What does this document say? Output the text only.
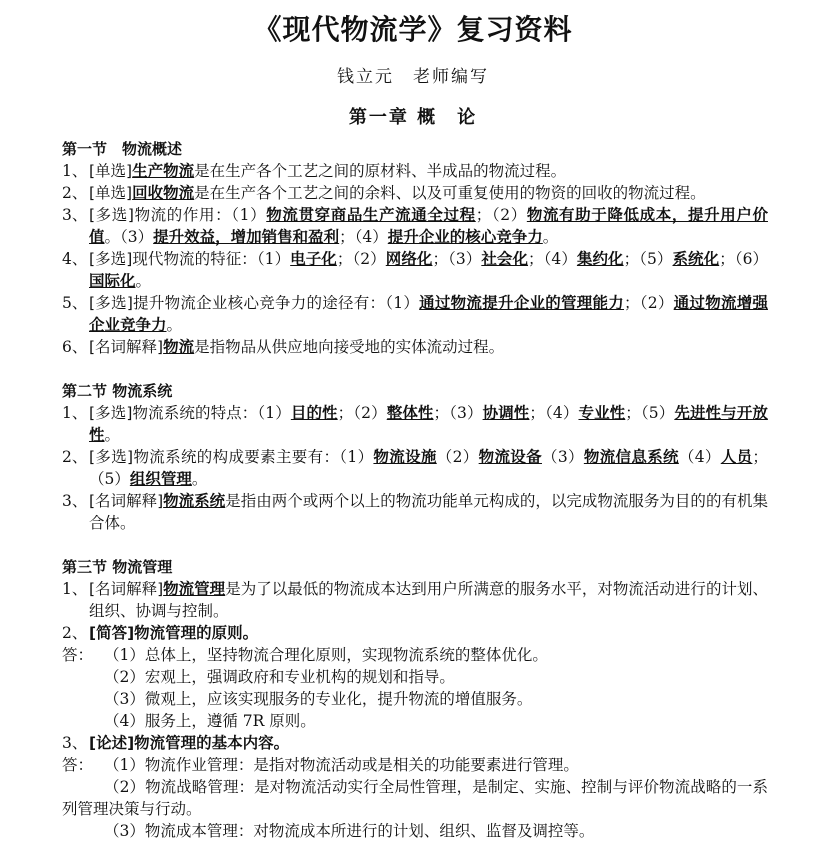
《现代物流学》复习资料
钱立元　老师编写
第一章 概　论
第一节　物流概述
1、 [单选]生产物流是在生产各个工艺之间的原材料、半成品的物流过程。
2、 [单选]回收物流是在生产各个工艺之间的余料、以及可重复使用的物资的回收的物流过程。
3、 [多选]物流的作用：（1）物流贯穿商品生产流通全过程；（2）物流有助于降低成本，提升用户价值。（3）提升效益，增加销售和盈利；（4）提升企业的核心竞争力。
4、 [多选]现代物流的特征：（1）电子化；（2）网络化；（3）社会化；（4）集约化；（5）系统化；（6）国际化。
5、 [多选]提升物流企业核心竞争力的途径有：（1）通过物流提升企业的管理能力；（2）通过物流增强企业竞争力。
6、 [名词解释]物流是指物品从供应地向接受地的实体流动过程。
第二节 物流系统
1、 [多选]物流系统的特点：（1）目的性；（2）整体性；（3）协调性；（4）专业性；（5）先进性与开放性。
2、 [多选]物流系统的构成要素主要有：（1）物流设施（2）物流设备（3）物流信息系统（4）人员；（5）组织管理。
3、 [名词解释]物流系统是指由两个或两个以上的物流功能单元构成的，以完成物流服务为目的的有机集合体。
第三节 物流管理
1、 [名词解释]物流管理是为了以最低的物流成本达到用户所满意的服务水平，对物流活动进行的计划、组织、协调与控制。
2、 [简答]物流管理的原则。
答： （1）总体上，坚持物流合理化原则，实现物流系统的整体优化。
（2）宏观上，强调政府和专业机构的规划和指导。
（3）微观上，应该实现服务的专业化，提升物流的增值服务。
（4）服务上，遵循 7R 原则。
3、 [论述]物流管理的基本内容。
答： （1）物流作业管理：是指对物流活动或是相关的功能要素进行管理。
（2）物流战略管理：是对物流活动实行全局性管理，是制定、实施、控制与评价物流战略的一系列管理决策与行动。
（3）物流成本管理：对物流成本所进行的计划、组织、监督及调控等。
